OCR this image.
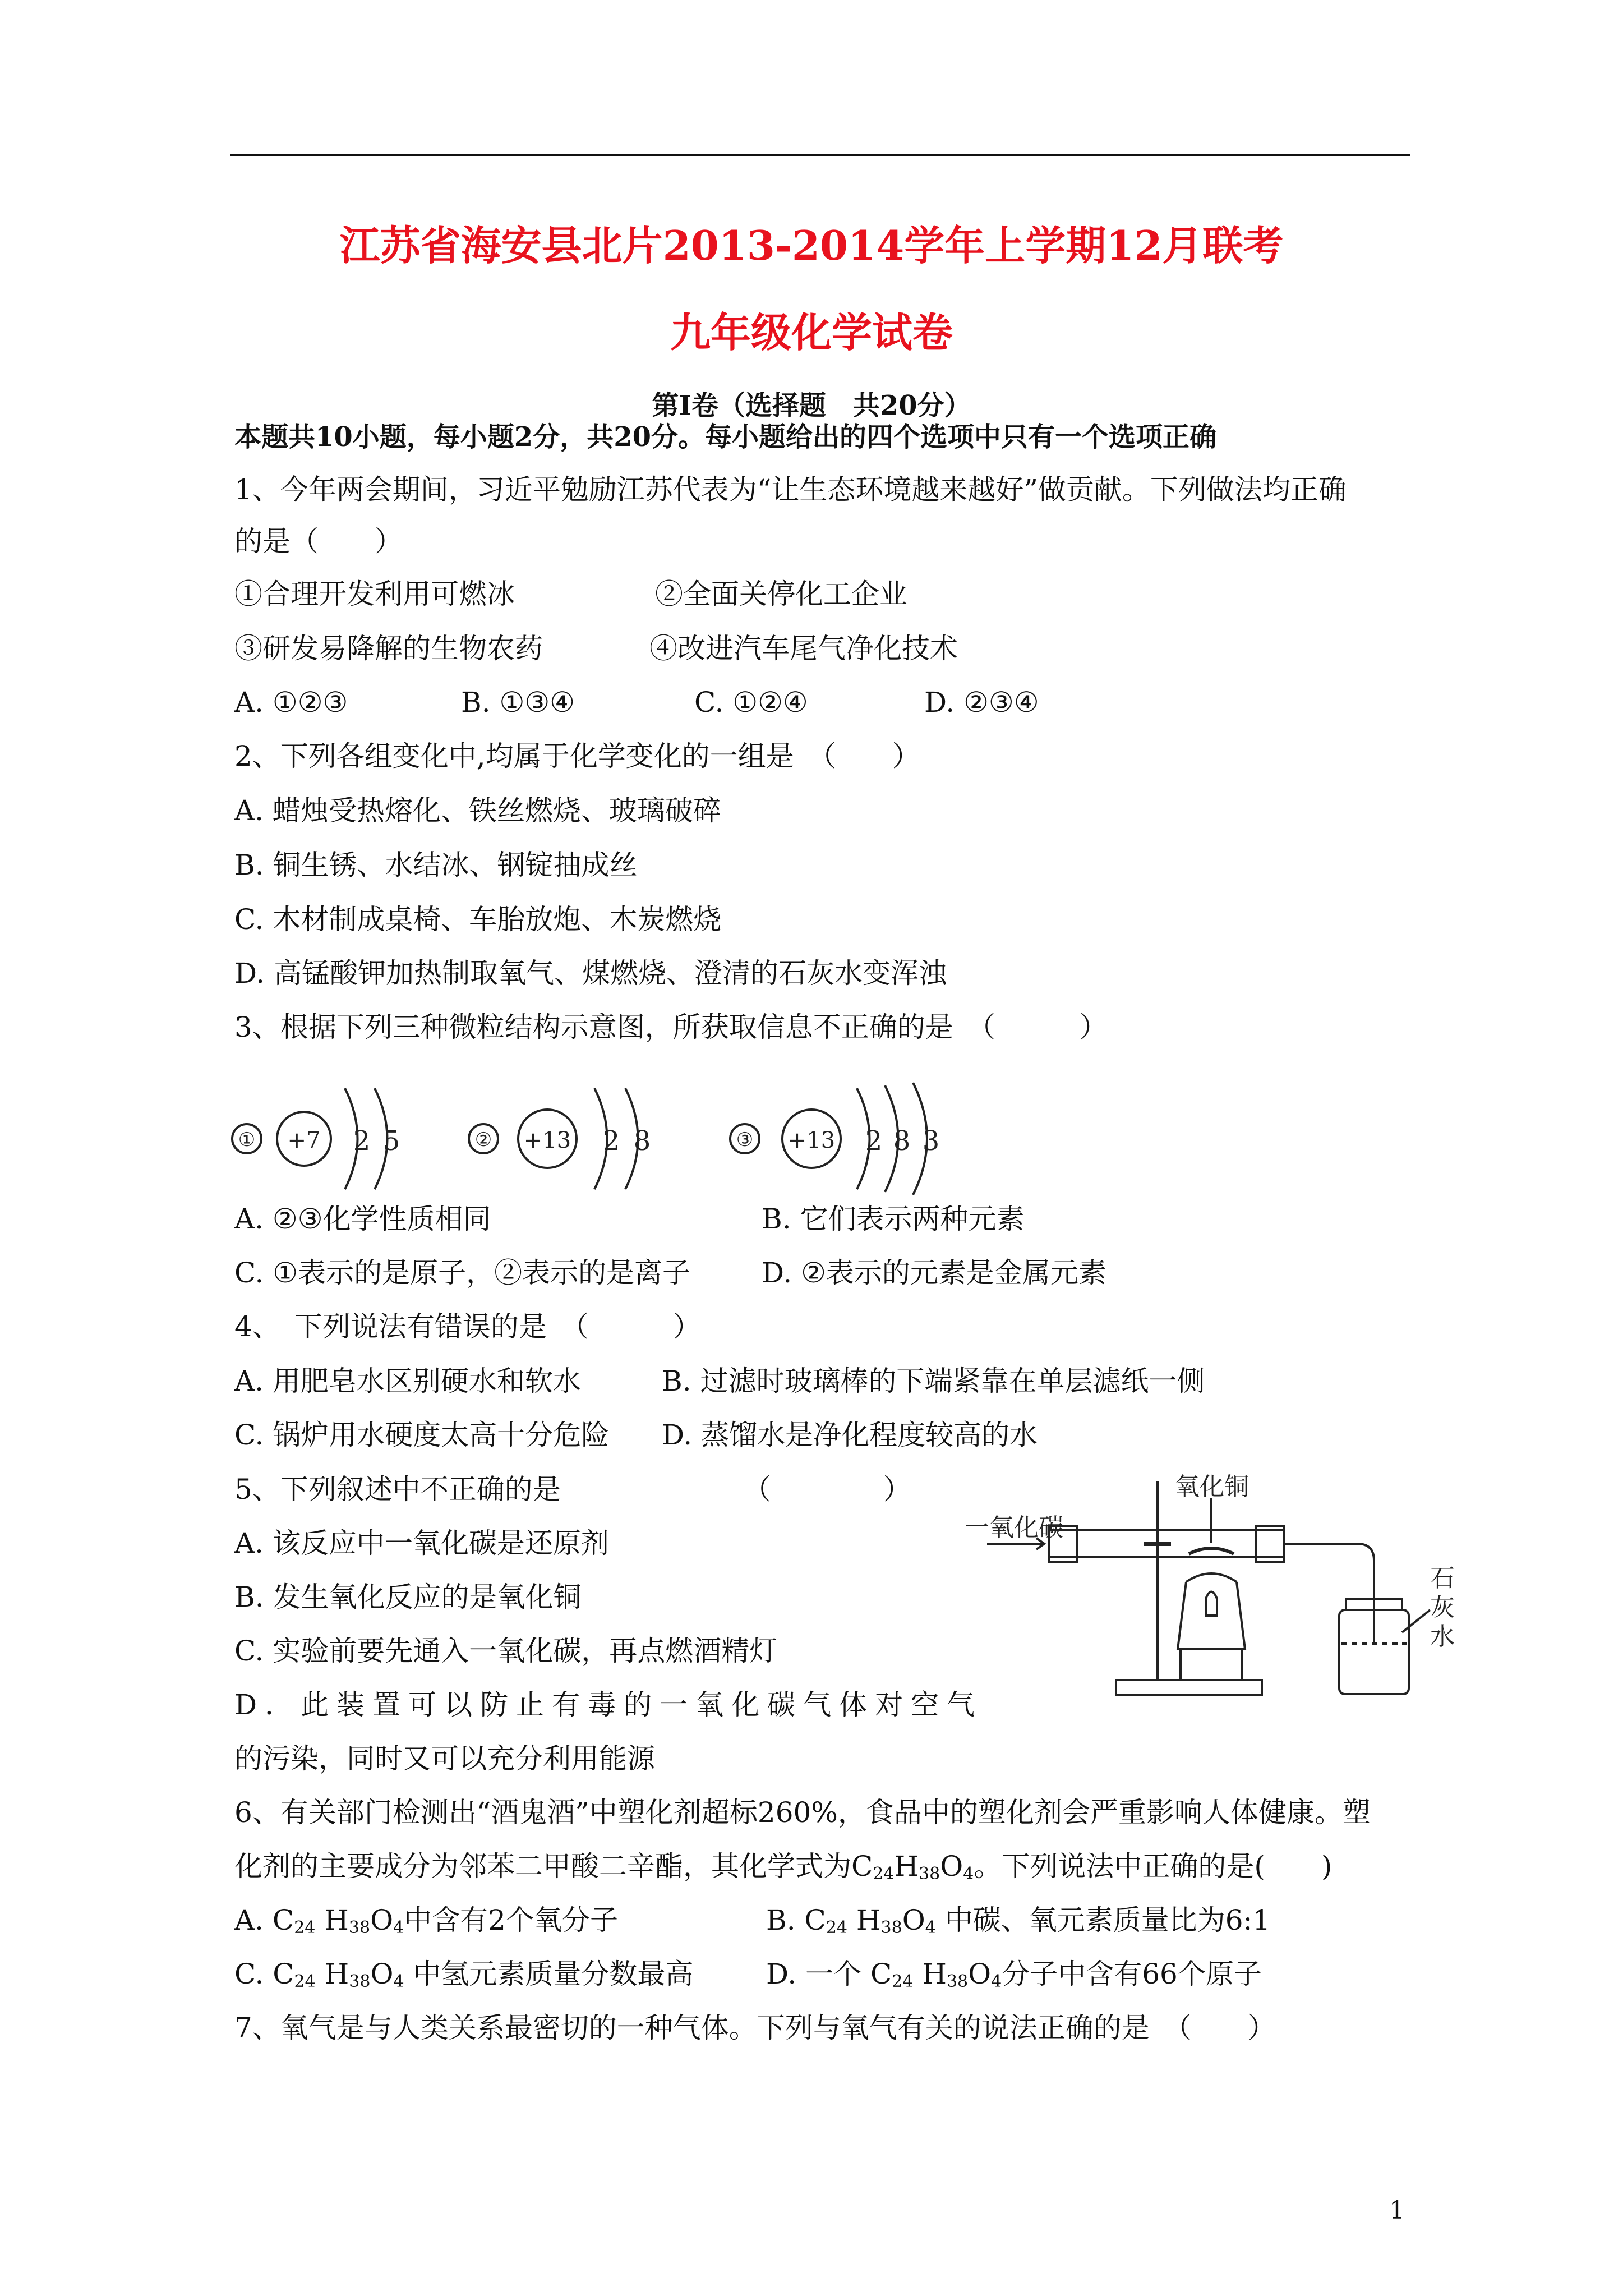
江苏省海安县北片2013-2014学年上学期12月联考
九年级化学试卷
第Ⅰ卷（选择题　共20分）
本题共10小题，每小题2分，共20分。每小题给出的四个选项中只有一个选项正确
1、今年两会期间，习近平勉励江苏代表为“让生态环境越来越好”做贡献。下列做法均正确
的是（　　）
①合理开发利用可燃冰	②全面关停化工企业
③研发易降解的生物农药	④改进汽车尾气净化技术
A. ①②③	B. ①③④	C. ①②④	D. ②③④
2、下列各组变化中,均属于化学变化的一组是　（　　）
A. 蜡烛受热熔化、铁丝燃烧、玻璃破碎
B. 铜生锈、水结冰、钢锭抽成丝
C. 木材制成桌椅、车胎放炮、木炭燃烧
D. 高锰酸钾加热制取氧气、煤燃烧、澄清的石灰水变浑浊
3、根据下列三种微粒结构示意图，所获取信息不正确的是　（　　　）
① +7 2 5	② +13 2 8	③ +13 2 8 3
A. ②③化学性质相同	B. 它们表示两种元素
C. ①表示的是原子，②表示的是离子	D. ②表示的元素是金属元素
4、　下列说法有错误的是　（　　　）
A. 用肥皂水区别硬水和软水	B. 过滤时玻璃棒的下端紧靠在单层滤纸一侧
C. 锅炉用水硬度太高十分危险 D. 蒸馏水是净化程度较高的水
5、下列叙述中不正确的是　　　　　　　（　　　　）
A. 该反应中一氧化碳是还原剂
B. 发生氧化反应的是氧化铜
C. 实验前要先通入一氧化碳，再点燃酒精灯
D．此装置可以防止有毒的一氧化碳气体对空气
的污染，同时又可以充分利用能源
一氧化碳
氧化铜
石
灰
水
6、有关部门检测出“酒鬼酒”中塑化剂超标260%，食品中的塑化剂会严重影响人体健康。塑
化剂的主要成分为邻苯二甲酸二辛酯，其化学式为$C_{24}H_{38}O_4$。下列说法中正确的是(　　)
A. $C_{24}$ $H_{38}O_4$中含有2个氧分子	B. $C_{24}$ $H_{38}O_4$ 中碳、氧元素质量比为6:1
C. $C_{24}$ $H_{38}O_4$ 中氢元素质量分数最高	D. 一个 $C_{24}$ $H_{38}O_4$分子中含有66个原子
7、氧气是与人类关系最密切的一种气体。下列与氧气有关的说法正确的是　（　　）
1
